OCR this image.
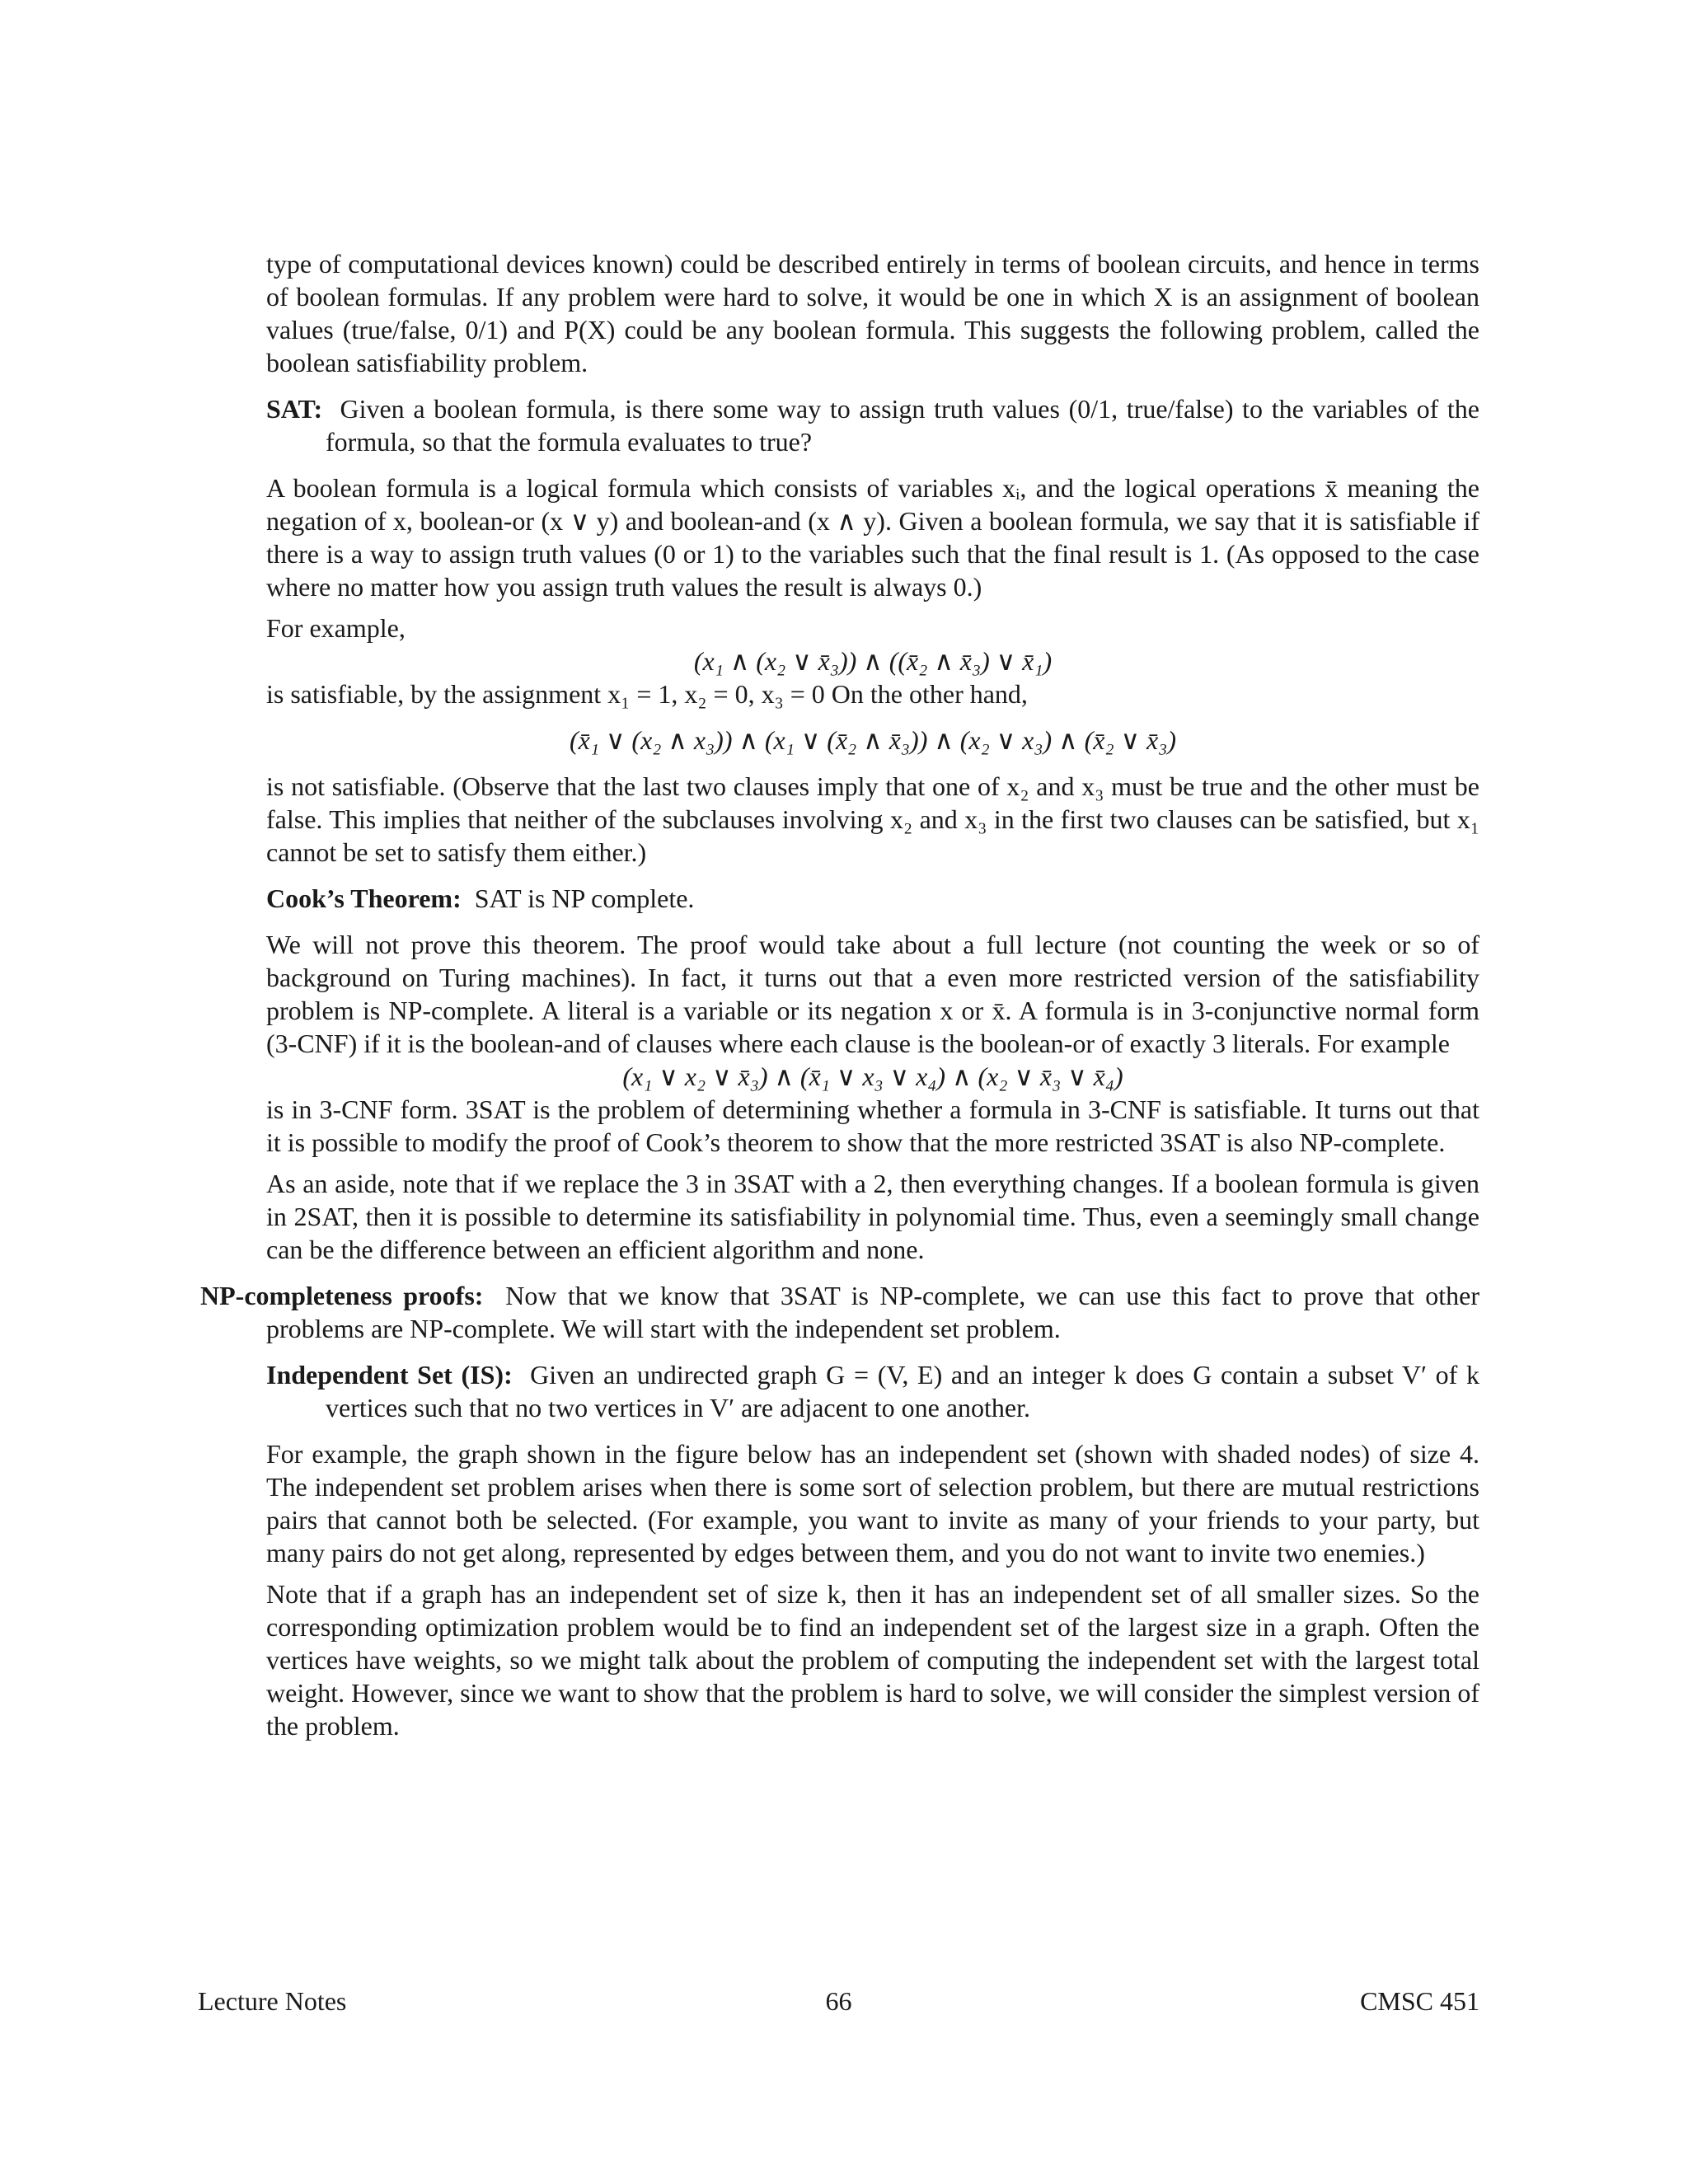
type of computational devices known) could be described entirely in terms of boolean circuits, and hence in terms of boolean formulas. If any problem were hard to solve, it would be one in which X is an assignment of boolean values (true/false, 0/1) and P(X) could be any boolean formula. This suggests the following problem, called the boolean satisfiability problem.

SAT: Given a boolean formula, is there some way to assign truth values (0/1, true/false) to the variables of the formula, so that the formula evaluates to true?

A boolean formula is a logical formula which consists of variables xᵢ, and the logical operations x̄ meaning the negation of x, boolean-or (x ∨ y) and boolean-and (x ∧ y). Given a boolean formula, we say that it is satisfiable if there is a way to assign truth values (0 or 1) to the variables such that the final result is 1. (As opposed to the case where no matter how you assign truth values the result is always 0.)

For example,

(x₁ ∧ (x₂ ∨ x̄₃)) ∧ ((x̄₂ ∧ x̄₃) ∨ x̄₁)

is satisfiable, by the assignment x₁ = 1, x₂ = 0, x₃ = 0 On the other hand,

(x̄₁ ∨ (x₂ ∧ x₃)) ∧ (x₁ ∨ (x̄₂ ∧ x̄₃)) ∧ (x₂ ∨ x₃) ∧ (x̄₂ ∨ x̄₃)

is not satisfiable. (Observe that the last two clauses imply that one of x₂ and x₃ must be true and the other must be false. This implies that neither of the subclauses involving x₂ and x₃ in the first two clauses can be satisfied, but x₁ cannot be set to satisfy them either.)

Cook’s Theorem: SAT is NP complete.

We will not prove this theorem. The proof would take about a full lecture (not counting the week or so of background on Turing machines). In fact, it turns out that a even more restricted version of the satisfiability problem is NP-complete. A literal is a variable or its negation x or x̄. A formula is in 3-conjunctive normal form (3-CNF) if it is the boolean-and of clauses where each clause is the boolean-or of exactly 3 literals. For example

(x₁ ∨ x₂ ∨ x̄₃) ∧ (x̄₁ ∨ x₃ ∨ x₄) ∧ (x₂ ∨ x̄₃ ∨ x̄₄)

is in 3-CNF form. 3SAT is the problem of determining whether a formula in 3-CNF is satisfiable. It turns out that it is possible to modify the proof of Cook’s theorem to show that the more restricted 3SAT is also NP-complete.

As an aside, note that if we replace the 3 in 3SAT with a 2, then everything changes. If a boolean formula is given in 2SAT, then it is possible to determine its satisfiability in polynomial time. Thus, even a seemingly small change can be the difference between an efficient algorithm and none.

NP-completeness proofs: Now that we know that 3SAT is NP-complete, we can use this fact to prove that other problems are NP-complete. We will start with the independent set problem.

Independent Set (IS): Given an undirected graph G = (V, E) and an integer k does G contain a subset V′ of k vertices such that no two vertices in V′ are adjacent to one another.

For example, the graph shown in the figure below has an independent set (shown with shaded nodes) of size 4. The independent set problem arises when there is some sort of selection problem, but there are mutual restrictions pairs that cannot both be selected. (For example, you want to invite as many of your friends to your party, but many pairs do not get along, represented by edges between them, and you do not want to invite two enemies.)

Note that if a graph has an independent set of size k, then it has an independent set of all smaller sizes. So the corresponding optimization problem would be to find an independent set of the largest size in a graph. Often the vertices have weights, so we might talk about the problem of computing the independent set with the largest total weight. However, since we want to show that the problem is hard to solve, we will consider the simplest version of the problem.

Lecture Notes	66	CMSC 451
